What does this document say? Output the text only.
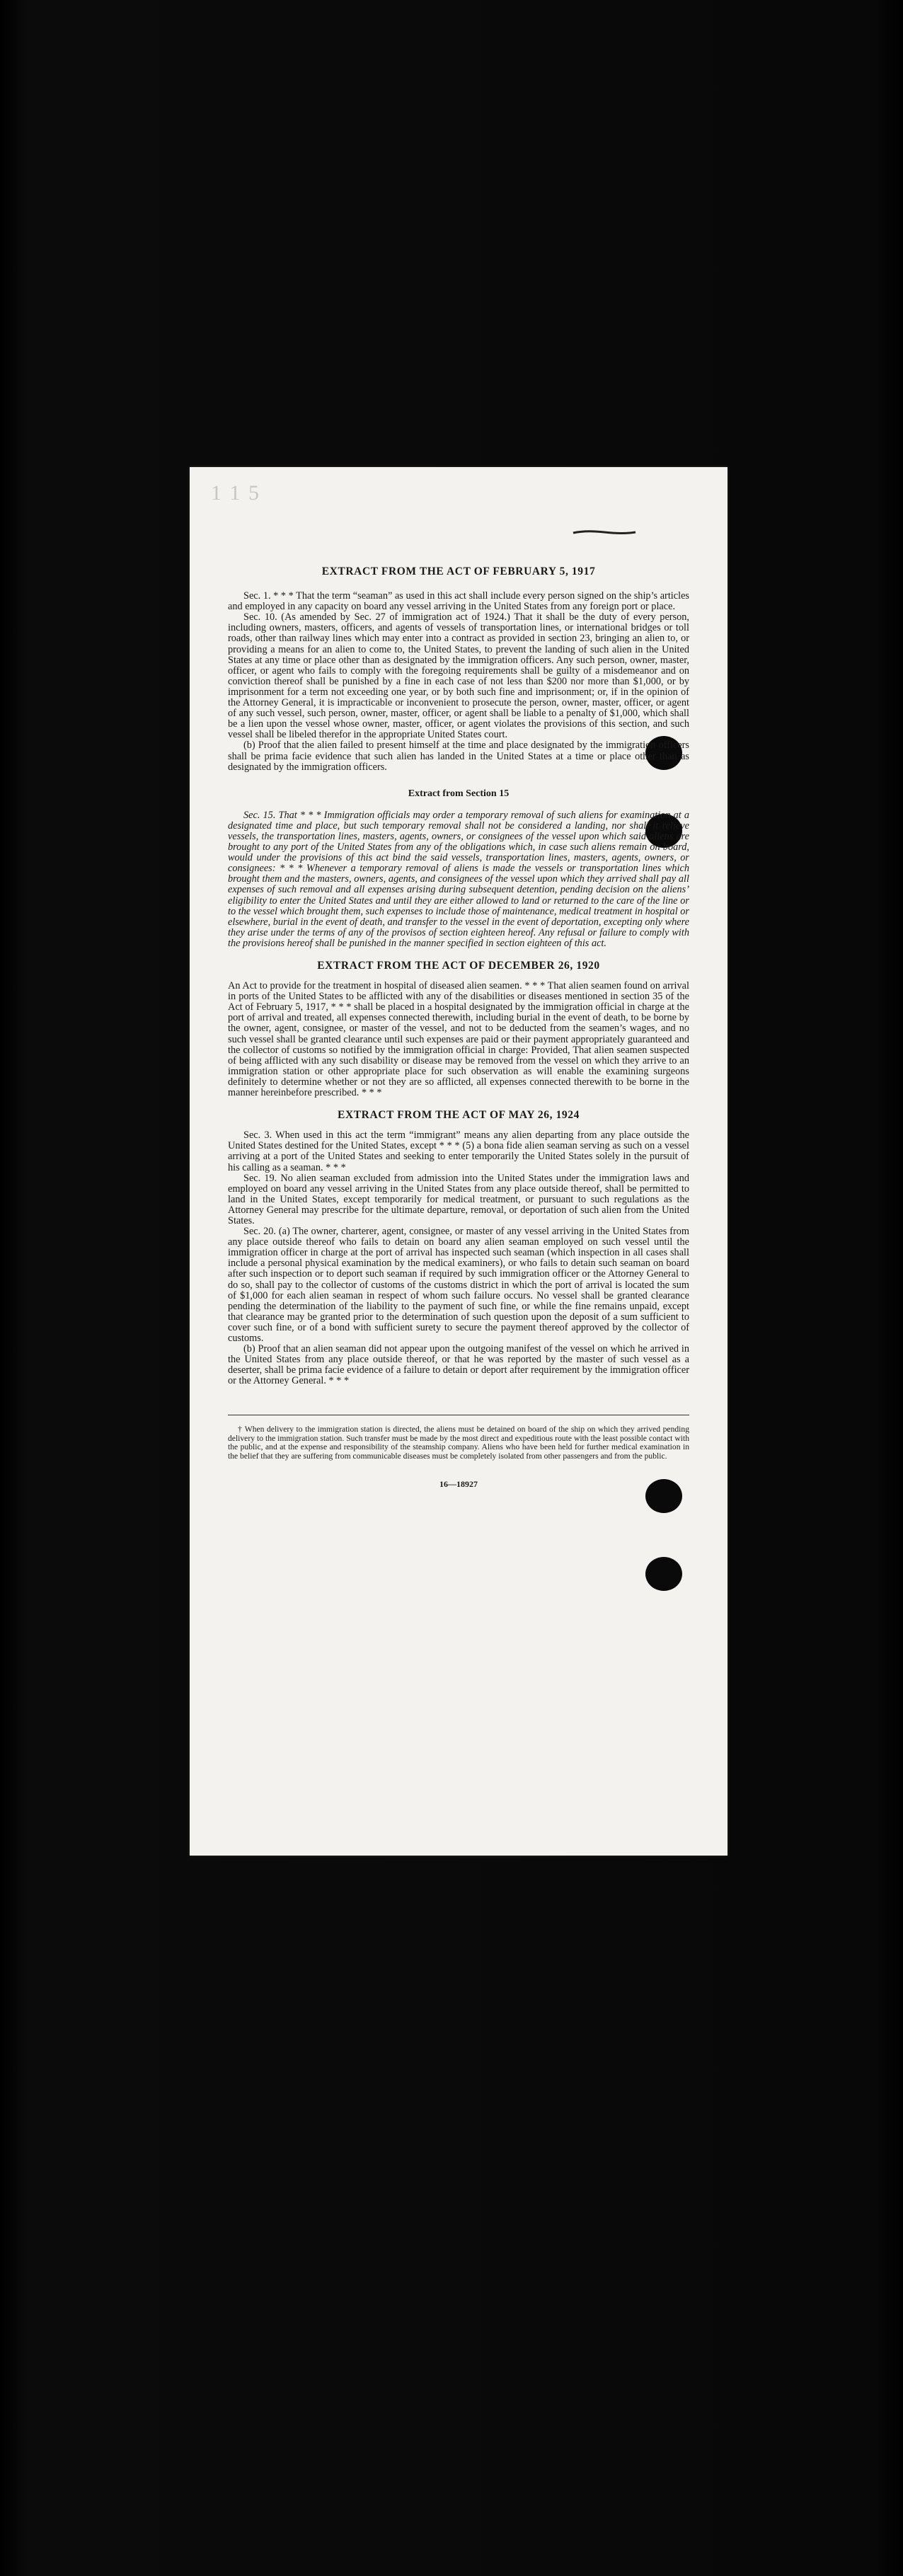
1 1 5
EXTRACT FROM THE ACT OF FEBRUARY 5, 1917

Sec. 1. * * * That the term “seaman” as used in this act shall include every person signed on the ship’s articles and employed in any capacity on board any vessel arriving in the United States from any foreign port or place.

Sec. 10. (As amended by Sec. 27 of immigration act of 1924.) That it shall be the duty of every person, including owners, masters, officers, and agents of vessels of transportation lines, or international bridges or toll roads, other than railway lines which may enter into a contract as provided in section 23, bringing an alien to, or providing a means for an alien to come to, the United States, to prevent the landing of such alien in the United States at any time or place other than as designated by the immigration officers. Any such person, owner, master, officer, or agent who fails to comply with the foregoing requirements shall be guilty of a misdemeanor and on conviction thereof shall be punished by a fine in each case of not less than $200 nor more than $1,000, or by imprisonment for a term not exceeding one year, or by both such fine and imprisonment; or, if in the opinion of the Attorney General, it is impracticable or inconvenient to prosecute the person, owner, master, officer, or agent of any such vessel, such person, owner, master, officer, or agent shall be liable to a penalty of $1,000, which shall be a lien upon the vessel whose owner, master, officer, or agent violates the provisions of this section, and such vessel shall be libeled therefor in the appropriate United States court.

(b) Proof that the alien failed to present himself at the time and place designated by the immigration officers shall be prima facie evidence that such alien has landed in the United States at a time or place other than as designated by the immigration officers.

Extract from Section 15

Sec. 15. That * * * Immigration officials may order a temporary removal of such aliens for examination at a designated time and place, but such temporary removal shall not be considered a landing, nor shall it relieve vessels, the transportation lines, masters, agents, owners, or consignees of the vessel upon which said aliens are brought to any port of the United States from any of the obligations which, in case such aliens remain on board, would under the provisions of this act bind the said vessels, transportation lines, masters, agents, owners, or consignees: * * * Whenever a temporary removal of aliens is made the vessels or transportation lines which brought them and the masters, owners, agents, and consignees of the vessel upon which they arrived shall pay all expenses of such removal and all expenses arising during subsequent detention, pending decision on the aliens’ eligibility to enter the United States and until they are either allowed to land or returned to the care of the line or to the vessel which brought them, such expenses to include those of maintenance, medical treatment in hospital or elsewhere, burial in the event of death, and transfer to the vessel in the event of deportation, excepting only where they arise under the terms of any of the provisos of section eighteen hereof. Any refusal or failure to comply with the provisions hereof shall be punished in the manner specified in section eighteen of this act.

EXTRACT FROM THE ACT OF DECEMBER 26, 1920

An Act to provide for the treatment in hospital of diseased alien seamen. * * * That alien seamen found on arrival in ports of the United States to be afflicted with any of the disabilities or diseases mentioned in section 35 of the Act of February 5, 1917, * * * shall be placed in a hospital designated by the immigration official in charge at the port of arrival and treated, all expenses connected therewith, including burial in the event of death, to be borne by the owner, agent, consignee, or master of the vessel, and not to be deducted from the seamen’s wages, and no such vessel shall be granted clearance until such expenses are paid or their payment appropriately guaranteed and the collector of customs so notified by the immigration official in charge: Provided, That alien seamen suspected of being afflicted with any such disability or disease may be removed from the vessel on which they arrive to an immigration station or other appropriate place for such observation as will enable the examining surgeons definitely to determine whether or not they are so afflicted, all expenses connected therewith to be borne in the manner hereinbefore prescribed. * * *

EXTRACT FROM THE ACT OF MAY 26, 1924

Sec. 3. When used in this act the term “immigrant” means any alien departing from any place outside the United States destined for the United States, except * * * (5) a bona fide alien seaman serving as such on a vessel arriving at a port of the United States and seeking to enter temporarily the United States solely in the pursuit of his calling as a seaman. * * *

Sec. 19. No alien seaman excluded from admission into the United States under the immigration laws and employed on board any vessel arriving in the United States from any place outside thereof, shall be permitted to land in the United States, except temporarily for medical treatment, or pursuant to such regulations as the Attorney General may prescribe for the ultimate departure, removal, or deportation of such alien from the United States.

Sec. 20. (a) The owner, charterer, agent, consignee, or master of any vessel arriving in the United States from any place outside thereof who fails to detain on board any alien seaman employed on such vessel until the immigration officer in charge at the port of arrival has inspected such seaman (which inspection in all cases shall include a personal physical examination by the medical examiners), or who fails to detain such seaman on board after such inspection or to deport such seaman if required by such immigration officer or the Attorney General to do so, shall pay to the collector of customs of the customs district in which the port of arrival is located the sum of $1,000 for each alien seaman in respect of whom such failure occurs. No vessel shall be granted clearance pending the determination of the liability to the payment of such fine, or while the fine remains unpaid, except that clearance may be granted prior to the determination of such question upon the deposit of a sum sufficient to cover such fine, or of a bond with sufficient surety to secure the payment thereof approved by the collector of customs.

(b) Proof that an alien seaman did not appear upon the outgoing manifest of the vessel on which he arrived in the United States from any place outside thereof, or that he was reported by the master of such vessel as a deserter, shall be prima facie evidence of a failure to detain or deport after requirement by the immigration officer or the Attorney General. * * *

† When delivery to the immigration station is directed, the aliens must be detained on board of the ship on which they arrived pending delivery to the immigration station. Such transfer must be made by the most direct and expeditious route with the least possible contact with the public, and at the expense and responsibility of the steamship company. Aliens who have been held for further medical examination in the belief that they are suffering from communicable diseases must be completely isolated from other passengers and from the public.

16—18927
